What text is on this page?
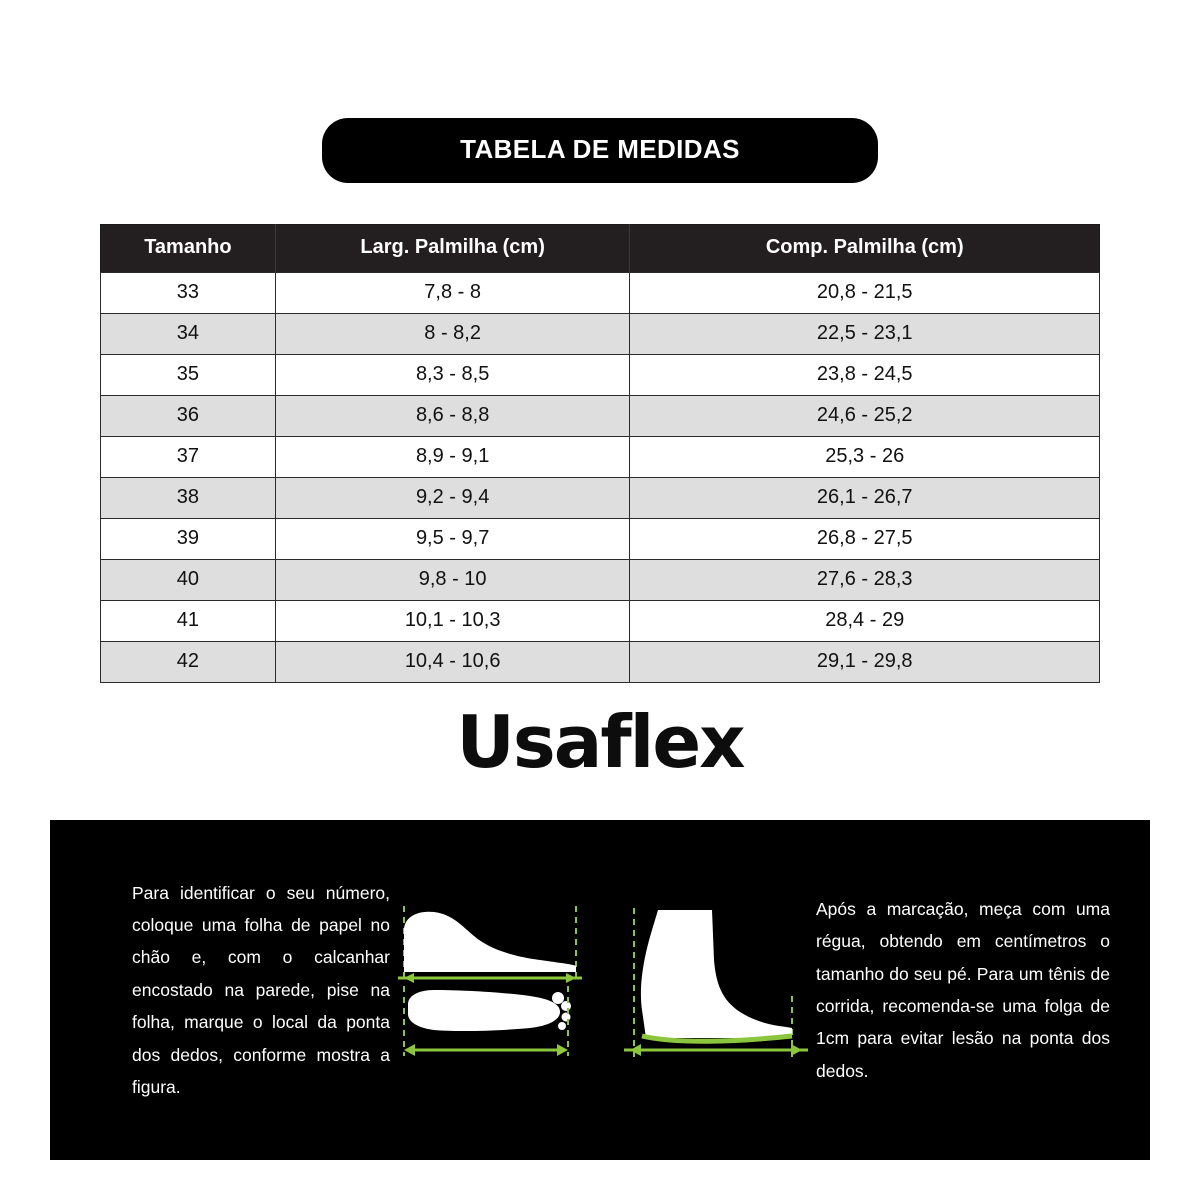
TABELA DE MEDIDAS
Tamanho	Larg. Palmilha (cm)	Comp. Palmilha (cm)
33	7,8 - 8	20,8 - 21,5
34	8 - 8,2	22,5 - 23,1
35	8,3 - 8,5	23,8 - 24,5
36	8,6 - 8,8	24,6 - 25,2
37	8,9 - 9,1	25,3 - 26
38	9,2 - 9,4	26,1 - 26,7
39	9,5 - 9,7	26,8 - 27,5
40	9,8 - 10	27,6 - 28,3
41	10,1 - 10,3	28,4 - 29
42	10,4 - 10,6	29,1 - 29,8
Usaflex
Para identificar o seu número, coloque uma folha de papel no chão e, com o calcanhar encostado na parede, pise na folha, marque o local da ponta dos dedos, conforme mostra a figura.
Após a marcação, meça com uma régua, obtendo em centímetros o tamanho do seu pé. Para um tênis de corrida, recomenda-se uma folga de 1cm para evitar lesão na ponta dos dedos.
